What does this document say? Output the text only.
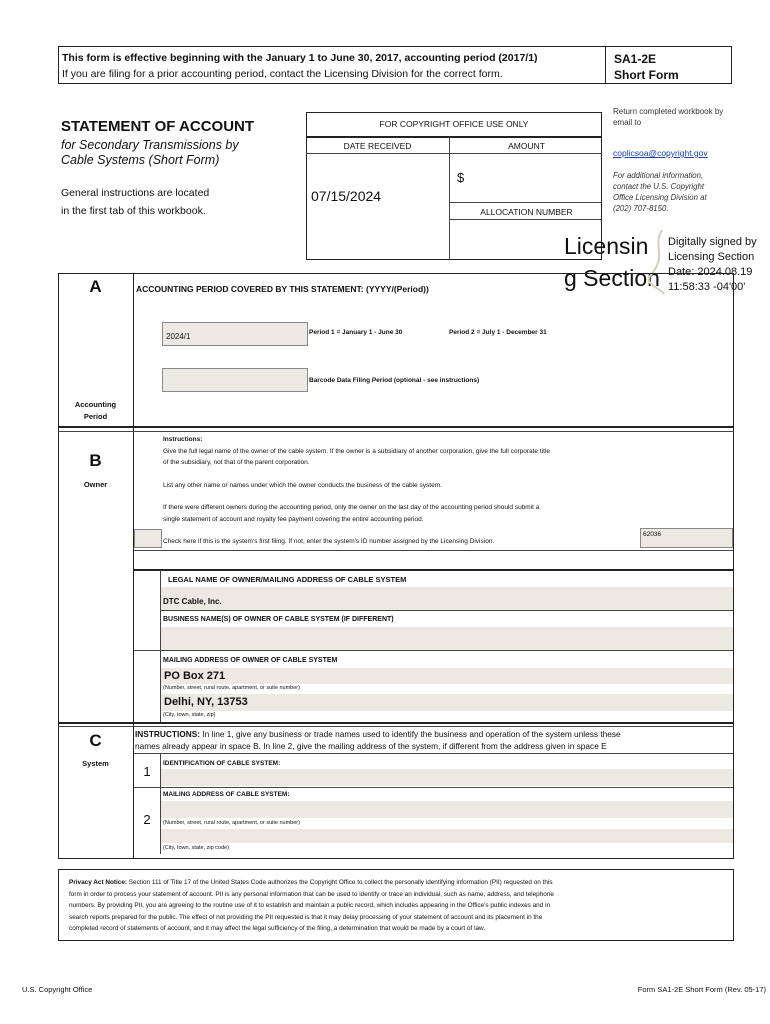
This form is effective beginning with the January 1 to June 30, 2017, accounting period (2017/1)
If you are filing for a prior accounting period, contact the Licensing Division for the correct form.
SA1-2E
Short Form
STATEMENT OF ACCOUNT
for Secondary Transmissions by
Cable Systems (Short Form)
General instructions are located
in the first tab of this workbook.
FOR COPYRIGHT OFFICE USE ONLY
DATE RECEIVED	AMOUNT
07/15/2024
$
ALLOCATION NUMBER
Return completed workbook by email to
coplicsoa@copyright.gov
For additional information,
contact the U.S. Copyright
Office Licensing Division at
(202) 707-8150.
Licensin
g Section
Digitally signed by
Licensing Section
Date: 2024.08.19
11:58:33 -04'00'
A	ACCOUNTING PERIOD COVERED BY THIS STATEMENT: (YYYY/(Period))
2024/1	Period 1 = January 1 - June 30	Period 2 = July 1 - December 31
Barcode Data Filing Period (optional - see instructions)
Accounting
Period
B
Owner
Instructions:
Give the full legal name of the owner of the cable system. If the owner is a subsidiary of another corporation, give the full corporate title
of the subsidiary, not that of the parent corporation.
List any other name or names under which the owner conducts the business of the cable system.
If there were different owners during the accounting period, only the owner on the last day of the accounting period should submit a
single statement of account and royalty fee payment covering the entire accounting period.
Check here if this is the system's first filing. If not, enter the system's ID number assigned by the Licensing Division.
62036
LEGAL NAME OF OWNER/MAILING ADDRESS OF CABLE SYSTEM
DTC Cable, Inc.
BUSINESS NAME(S) OF OWNER OF CABLE SYSTEM (IF DIFFERENT)
MAILING ADDRESS OF OWNER OF CABLE SYSTEM
PO Box 271
(Number, street, rural route, apartment, or suite number)
Delhi, NY, 13753
(City, town, state, zip)
INSTRUCTIONS: In line 1, give any business or trade names used to identify the business and operation of the system unless these
names already appear in space B. In line 2, give the mailing address of the system, if different from the address given in space E
C
System
1
IDENTIFICATION OF CABLE SYSTEM:
MAILING ADDRESS OF CABLE SYSTEM:
2	(Number, street, rural route, apartment, or suite number)
(City, town, state, zip code)
Privacy Act Notice: Section 111 of Title 17 of the United States Code authorizes the Copyright Office to collect the personally identifying information (PII) requested on this
form in order to process your statement of account. PII is any personal information that can be used to identify or trace an individual, such as name, address, and telephone
numbers. By providing PII, you are agreeing to the routine use of it to establish and maintain a public record, which includes appearing in the Office's public indexes and in
search reports prepared for the public. The effect of not providing the PII requested is that it may delay processing of your statement of account and its placement in the
completed record of statements of account, and it may affect the legal sufficiency of the filing, a determination that would be made by a court of law.
U.S. Copyright Office	Form SA1-2E Short Form (Rev. 05-17)
